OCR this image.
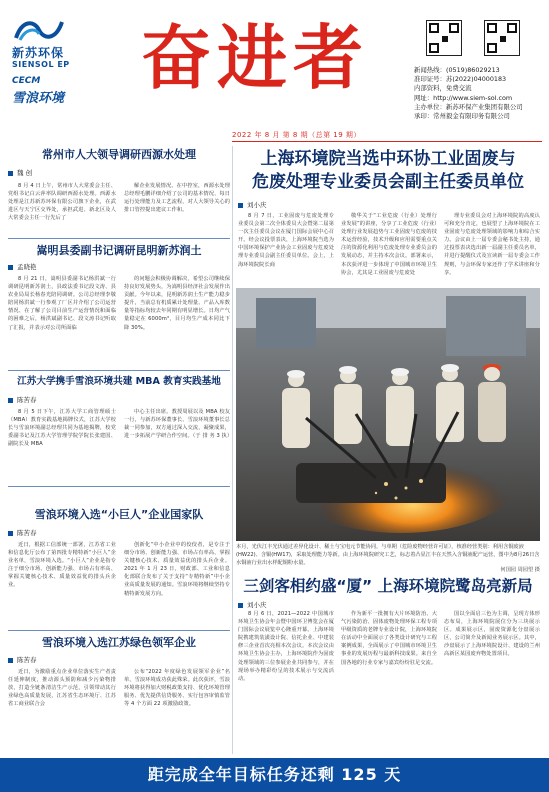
新苏环保
SIENSOL EP
CECM
雪浪环境	奋进者	新闻热线：(0519)86029213
准印证号：苏(2022)04000183
内部资料，免费交流
网址：http://www.siem-sol.com
主办单位：新苏环保产业集团有限公司
承印：常州毅金有限印务有限公司
2022 年 8 月 第 8 期（总第 19 期）
常州市人大领导调研西源水处理
魏 创
8 月 4 日上午，常州市人大常委会主任、党组书记白云萍率队调研西源水处理。西源水处理是江苏新苏环保有限公司旗下企业，在武进区与天宁区交界处，承担武进、新北区及人大常委会主任一行先后了
解企业发展情况。在中控室，西源水处理总经理毛鹏详细介绍了公司的基本情况、每日运行处理能力及工艺流程，对人大领导关心的排口管控提出建议工作和。
嵩明县委副书记调研昆明新苏润土
孟晓艳
8 月 21 日，嵩明县委副书记杨洪斌一行调研昆明新苏润土，县政法委书记段文涛、县农业局局长杨春光陪同调研。公司总经理李敬陪同杨洪斌一行参观了厂区并介绍了公司运营情况、在了解了公司目前生产运营情况和面临的困难之后，杨洪斌副书记、段文涛书记听取了汇报，并表示对公司所面临
的问题会积极协调解决，希望公司继续保持良好发展势头，为嵩明县经济社会发展作出贡献。今年以来，昆明新苏润土生产能力稳步提升，当前总有机质累计处理量、产品入库数量等指标均较去年同期有明显增长。日均产气量稳定在 6000m³，目月均生产成本同比下降 30%。
江苏大学携手雪浪环境共建 MBA 教育实践基地
陈苦春
8 月 5 日下午，江苏大学工商管理硕士（MBA）教育实践基地揭牌仪式，江苏大学校长与雪浪环境副总经理共同为基地揭牌，校党委副书记及江苏大学管理学院学院长张建国、副院长及 MBA
中心主任出席。教授周展以及 MBA 校友一行，与新苏环保董事长、雪浪环境董事长总裁一同参加，双方通过深入交流，凝聚成果，进一步拓展产学研合作空间。（于 排 务 3 执）
雪浪环境入选“小巨人”企业国家队
陈苦春
近日，根据工信部统一部署，江苏省工业和信息化厅公布了第四批专精特新“小巨人”企业名单，雪浪环境入选。“小巨人”企业是指专注于细分市场、创新能力强、市场占有率高、掌握关键核心技术、质量效益优的排头兵企业。
创新化“中小企业中的佼佼者，是专注于细分市场、创新能力强、市场占有率高、掌握关键核心技术、质量效益优的排头兵企业。2021 年 1 月 23 日，财政部、工业和信息化部联合发布了关于支持“专精特新”中小企业高质量发展的通知。雪浪环境将继续坚持专精特新发展方向。
雪浪环境入选江苏绿色领军企业
陈苦春
近日，为激励重点企业单位落实生产者责任延伸制度，推动源头预防和减少污染物排放，打造全链条清洁生产示范，引领带动其行业绿色高质量发展，江苏省生态环境厅、江苏省工商业联合会
公布“2022 年度绿色发展领军企业”名单，雪浪环境成功获此殊荣。此次获评，雪浪环境将获得加大财税政策支持、优化环境管理服务、优先提供信贷服务、实行包容审慎监管等 4 个方面 22 项激励政策。
上海环境院当选中环协工业固废与
危废处理专业委员会副主任委员单位
刘小庆
8 月 7 日，工业固废与危废处理专业委员会第二次全体委员大会暨第二届第一次主任委员会议在厦门国际会展中心召开。经会议投票表决，上海环境院当选为中国环境保护产业协会工业固废与危废处理专业委员会副主任委员单位。会上，上海环境院院长商
敬华关于“工业危废（行业）处理行业发展”的讲座，分享了工业危废（行业）处理行业发展趋势与工业固废与危废的技术运营经验，技术升级和应用需要重点关注的资源化利用与危废处理专业委员会的发展动态，并主持本次会议。部署来示，本次获评进一步体现了中国城市环境卫生协会，尤其是工业固废与危废处
理专业委员会对上海环境院的高度认可和充分肯定，也展望了上海环境院在工业固废与危废处理领域的影响力和综合实力。会议由上一届专委会秘书处主持，通过投票表决选出新一届副主任委员名单，并进行提醒仪式及宣读新一届专委会工作规则，与会环保专家还作了学术讲座和分享。
本月，光伏江丰光伏通过差异化设计、稀土与宝电元节能协同，与单期（危险废物经营许可证），核准经营类别：利用含铜废液(HW22)、含铜(HW17)，采取处理能力等新。由上海环境院研究工艺，标志着凸显江丰在天然入含铜液配产运营，图中为8月26日含水铜液行业出水样配铜粉水量。
何国园 周园望 摄
三剑客相约盛“厦” 上海环境院鹭岛亮新局
刘小庆
8 月 6 日，2021—2022 中国城市环境卫生协会年会暨中国环卫博览会在厦门国际会议展览中心隆重开幕。上海环境院携建筑装潢设计院、信托企业、中建装修三企业首次亮相本次会议。本次会议由环境卫生协会主办，上海环境院作为固废处理领域的三位参展企业共同参与，并在现场举办精彩纷呈的技术展示与交流活动。
作为新平一批拥有大片环境防治、大气污染防治、固体废物处理环保工程专项甲级资质的老牌专业设计院，上海环境院在活动中全面展示了各类设计研究与工程案例成果，全面展示了中国城市环境卫生事业的发展历程与最新科技成果。来自全国各地的行业专家与嘉宾纷纷驻足交流。
国以全面启三色为主调，呈现方体形态布局，上海环境院展位分为三块展示区。成果展示区，固废资源化分盘展示区，公司简介及新闻业务展示区。其中，沙盘展示了上海环境院设计、建设的兰州高新区某园废弃物处置项目。
距完成全年目标任务还剩 125 天
